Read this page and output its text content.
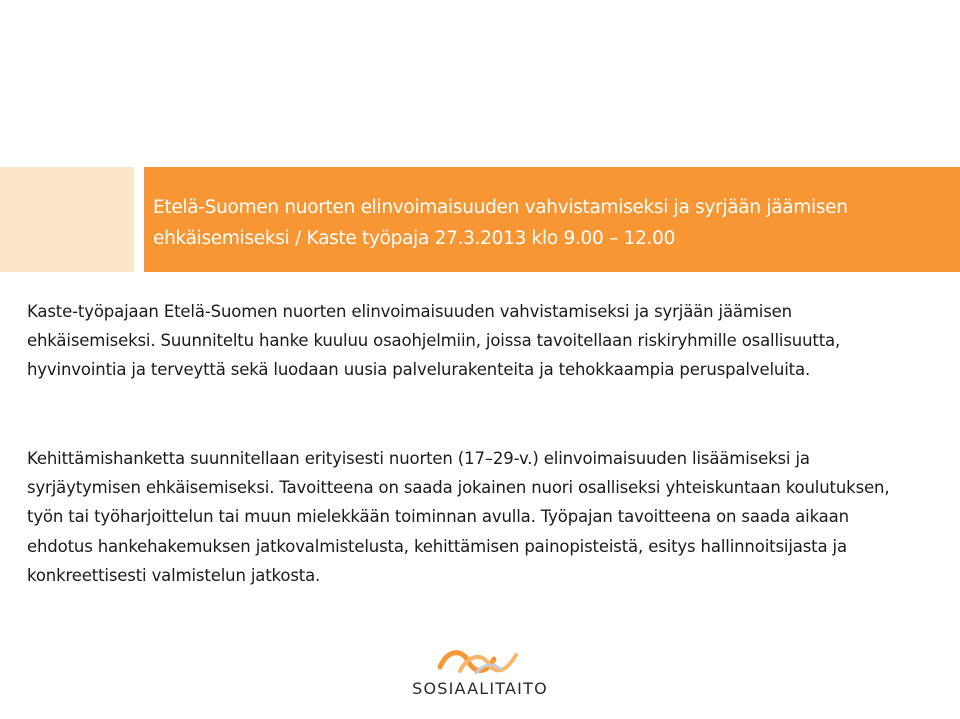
Etelä-Suomen nuorten elinvoimaisuuden vahvistamiseksi ja syrjään jäämisen ehkäisemiseksi / Kaste työpaja 27.3.2013 klo 9.00 – 12.00

Kaste-työpajaan Etelä-Suomen nuorten elinvoimaisuuden vahvistamiseksi ja syrjään jäämisen ehkäisemiseksi. Suunniteltu hanke kuuluu osaohjelmiin, joissa tavoitellaan riskiryhmille osallisuutta, hyvinvointia ja terveyttä sekä luodaan uusia palvelurakenteita ja tehokkaampia peruspalveluita.

Kehittämishanketta suunnitellaan erityisesti nuorten (17–29-v.) elinvoimaisuuden lisäämiseksi ja syrjäytymisen ehkäisemiseksi. Tavoitteena on saada jokainen nuori osalliseksi yhteiskuntaan koulutuksen, työn tai työharjoittelun tai muun mielekkään toiminnan avulla. Työpajan tavoitteena on saada aikaan ehdotus hankehakemuksen jatkovalmistelusta, kehittämisen painopisteistä, esitys hallinnoitsijasta ja konkreettisesti valmistelun jatkosta.

SOSIAALITAITO
